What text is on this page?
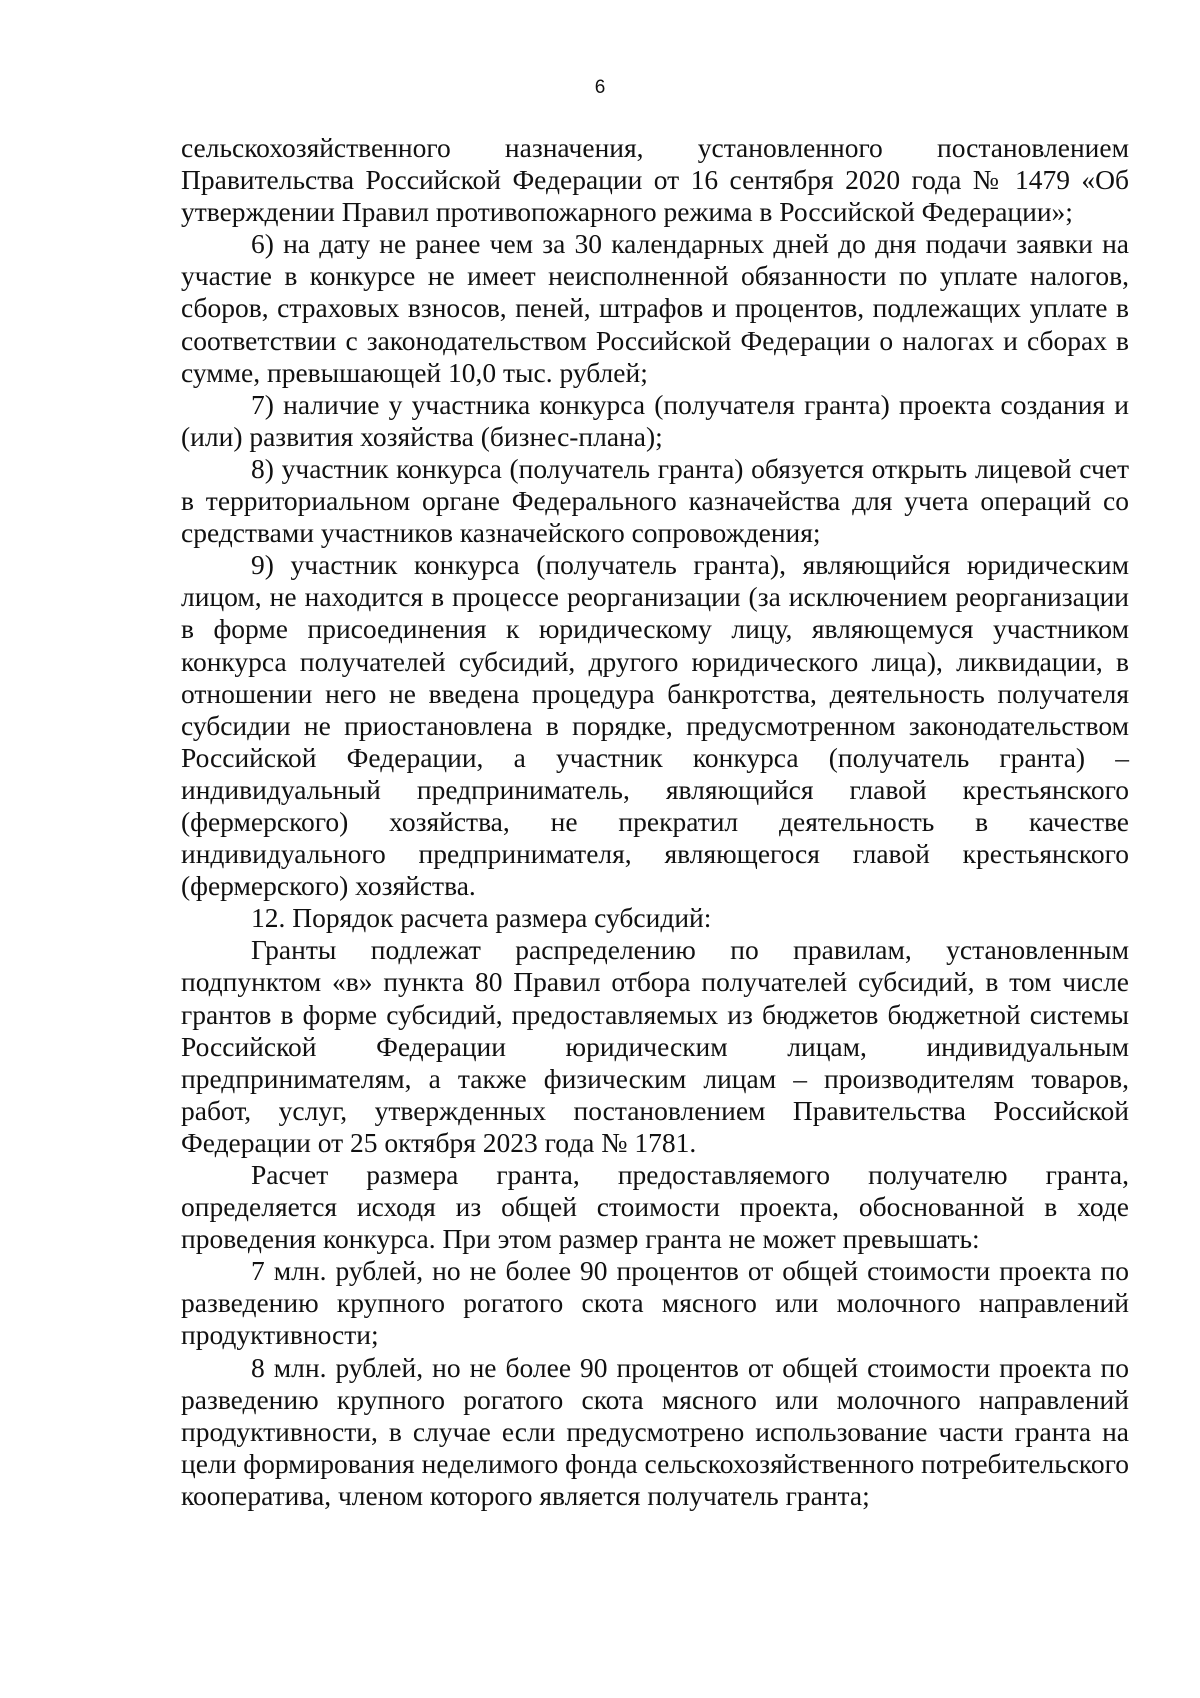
6

сельскохозяйственного назначения, установленного постановлением Правительства Российской Федерации от 16 сентября 2020 года № 1479 «Об утверждении Правил противопожарного режима в Российской Федерации»;

6) на дату не ранее чем за 30 календарных дней до дня подачи заявки на участие в конкурсе не имеет неисполненной обязанности по уплате налогов, сборов, страховых взносов, пеней, штрафов и процентов, подлежащих уплате в соответствии с законодательством Российской Федерации о налогах и сборах в сумме, превышающей 10,0 тыс. рублей;

7) наличие у участника конкурса (получателя гранта) проекта создания и (или) развития хозяйства (бизнес-плана);

8) участник конкурса (получатель гранта) обязуется открыть лицевой счет в территориальном органе Федерального казначейства для учета операций со средствами участников казначейского сопровождения;

9) участник конкурса (получатель гранта), являющийся юридическим лицом, не находится в процессе реорганизации (за исключением реорганизации в форме присоединения к юридическому лицу, являющемуся участником конкурса получателей субсидий, другого юридического лица), ликвидации, в отношении него не введена процедура банкротства, деятельность получателя субсидии не приостановлена в порядке, предусмотренном законодательством Российской Федерации, а участник конкурса (получатель гранта) – индивидуальный предприниматель, являющийся главой крестьянского (фермерского) хозяйства, не прекратил деятельность в качестве индивидуального предпринимателя, являющегося главой крестьянского (фермерского) хозяйства.

12. Порядок расчета размера субсидий:

Гранты подлежат распределению по правилам, установленным подпунктом «в» пункта 80 Правил отбора получателей субсидий, в том числе грантов в форме субсидий, предоставляемых из бюджетов бюджетной системы Российской Федерации юридическим лицам, индивидуальным предпринимателям, а также физическим лицам – производителям товаров, работ, услуг, утвержденных постановлением Правительства Российской Федерации от 25 октября 2023 года № 1781.

Расчет размера гранта, предоставляемого получателю гранта, определяется исходя из общей стоимости проекта, обоснованной в ходе проведения конкурса. При этом размер гранта не может превышать:

7 млн. рублей, но не более 90 процентов от общей стоимости проекта по разведению крупного рогатого скота мясного или молочного направлений продуктивности;

8 млн. рублей, но не более 90 процентов от общей стоимости проекта по разведению крупного рогатого скота мясного или молочного направлений продуктивности, в случае если предусмотрено использование части гранта на цели формирования неделимого фонда сельскохозяйственного потребительского кооператива, членом которого является получатель гранта;
